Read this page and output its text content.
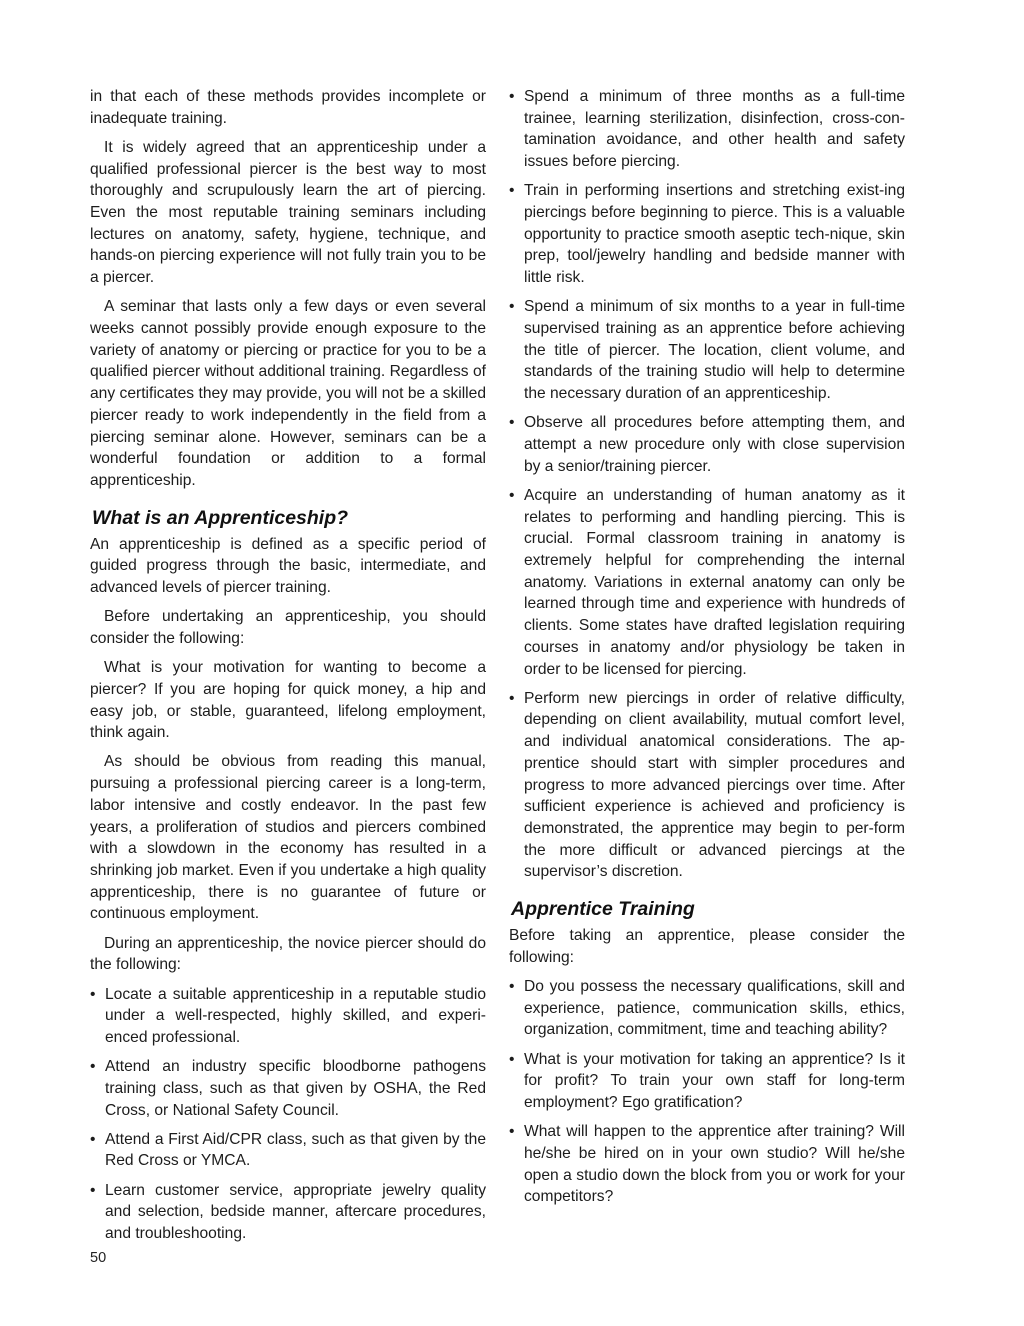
in that each of these methods provides incomplete or inadequate training.

It is widely agreed that an apprenticeship under a qualified professional piercer is the best way to most thoroughly and scrupulously learn the art of piercing. Even the most reputable training seminars including lectures on anatomy, safety, hygiene, technique, and hands-on piercing experience will not fully train you to be a piercer.

A seminar that lasts only a few days or even several weeks cannot possibly provide enough exposure to the variety of anatomy or piercing or practice for you to be a qualified piercer without additional training. Regardless of any certificates they may provide, you will not be a skilled piercer ready to work independently in the field from a piercing seminar alone. However, seminars can be a wonderful foundation or addition to a formal apprenticeship.

What is an Apprenticeship?

An apprenticeship is defined as a specific period of guided progress through the basic, intermediate, and advanced levels of piercer training.

Before undertaking an apprenticeship, you should consider the following:

What is your motivation for wanting to become a piercer? If you are hoping for quick money, a hip and easy job, or stable, guaranteed, lifelong employment, think again.

As should be obvious from reading this manual, pursuing a professional piercing career is a long-term, labor intensive and costly endeavor. In the past few years, a proliferation of studios and piercers combined with a slowdown in the economy has resulted in a shrinking job market. Even if you undertake a high quality apprenticeship, there is no guarantee of future or continuous employment.

During an apprenticeship, the novice piercer should do the following:

• Locate a suitable apprenticeship in a reputable studio under a well-respected, highly skilled, and experi-enced professional.
• Attend an industry specific bloodborne pathogens training class, such as that given by OSHA, the Red Cross, or National Safety Council.
• Attend a First Aid/CPR class, such as that given by the Red Cross or YMCA.
• Learn customer service, appropriate jewelry quality and selection, bedside manner, aftercare procedures, and troubleshooting.
• Spend a minimum of three months as a full-time trainee, learning sterilization, disinfection, cross-con-tamination avoidance, and other health and safety issues before piercing.
• Train in performing insertions and stretching exist-ing piercings before beginning to pierce. This is a valuable opportunity to practice smooth aseptic tech-nique, skin prep, tool/jewelry handling and bedside manner with little risk.
• Spend a minimum of six months to a year in full-time supervised training as an apprentice before achieving the title of piercer. The location, client volume, and standards of the training studio will help to determine the necessary duration of an apprenticeship.
• Observe all procedures before attempting them, and attempt a new procedure only with close supervision by a senior/training piercer.
• Acquire an understanding of human anatomy as it relates to performing and handling piercing. This is crucial. Formal classroom training in anatomy is extremely helpful for comprehending the internal anatomy. Variations in external anatomy can only be learned through time and experience with hundreds of clients. Some states have drafted legislation requiring courses in anatomy and/or physiology be taken in order to be licensed for piercing.
• Perform new piercings in order of relative difficulty, depending on client availability, mutual comfort level, and individual anatomical considerations. The ap-prentice should start with simpler procedures and progress to more advanced piercings over time. After sufficient experience is achieved and proficiency is demonstrated, the apprentice may begin to per-form the more difficult or advanced piercings at the supervisor’s discretion.
Apprentice Training

Before taking an apprentice, please consider the following:

• Do you possess the necessary qualifications, skill and experience, patience, communication skills, ethics, organization, commitment, time and teaching ability?
• What is your motivation for taking an apprentice? Is it for profit? To train your own staff for long-term employment? Ego gratification?
• What will happen to the apprentice after training? Will he/she be hired on in your own studio? Will he/she open a studio down the block from you or work for your competitors?
50
